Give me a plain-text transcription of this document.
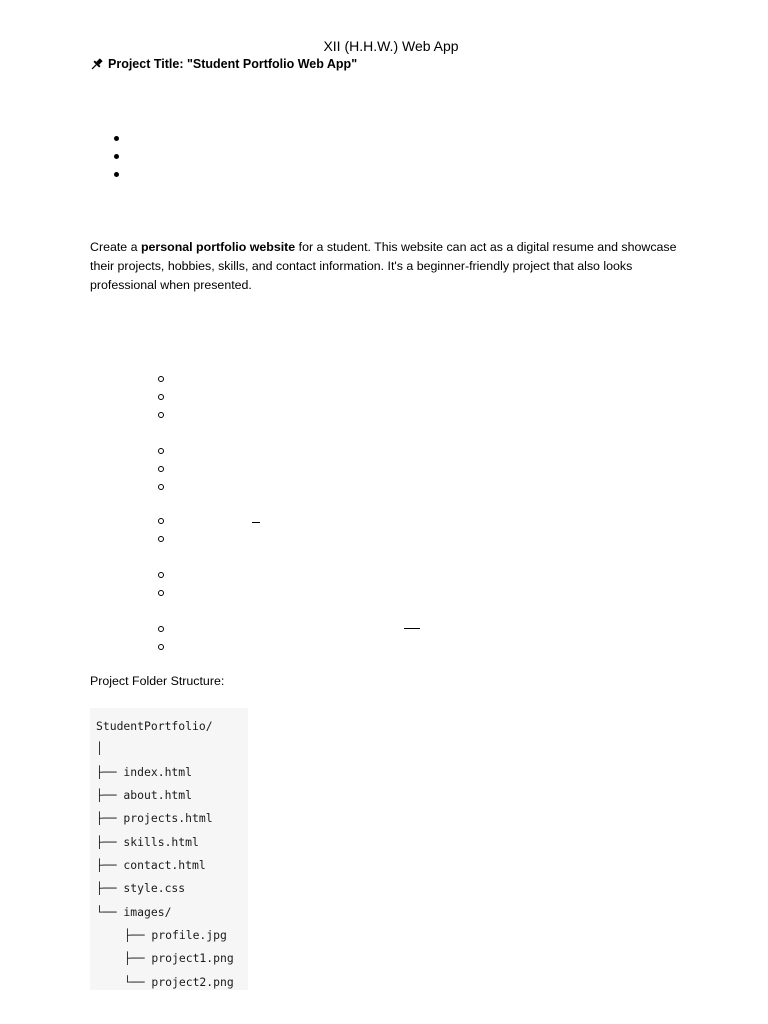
XII (H.H.W.) Web App
Project Title: "Student Portfolio Web App"

Create a personal portfolio website for a student. This website can act as a digital resume and showcase their projects, hobbies, skills, and contact information. It's a beginner-friendly project that also looks professional when presented.

Project Folder Structure:
StudentPortfolio/
│
├── index.html
├── about.html
├── projects.html
├── skills.html
├── contact.html
├── style.css
└── images/
├── profile.jpg
├── project1.png
└── project2.png
